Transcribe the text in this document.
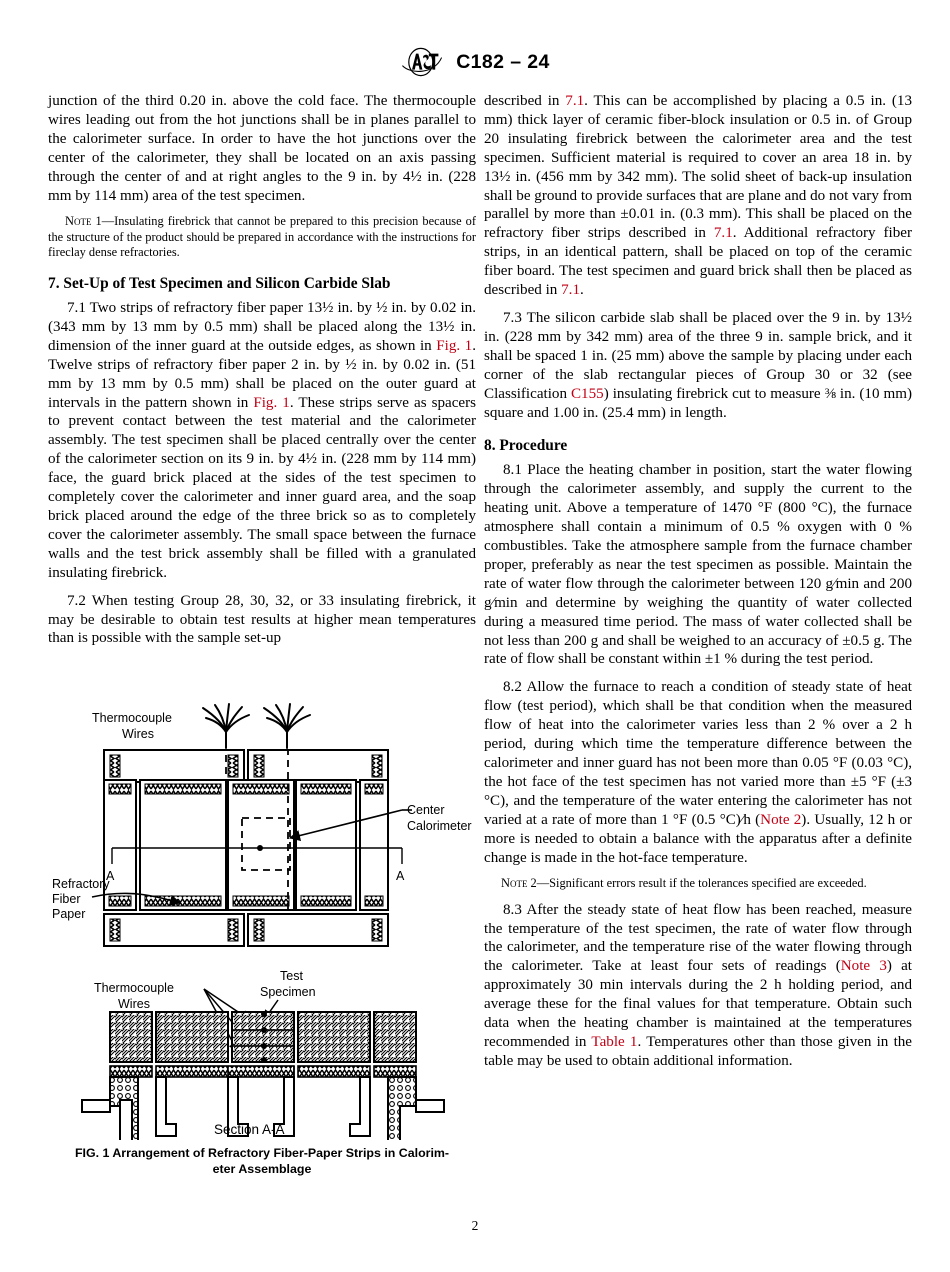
C182 – 24

junction of the third 0.20 in. above the cold face. The thermocouple wires leading out from the hot junctions shall be in planes parallel to the calorimeter surface. In order to have the hot junctions over the center of the calorimeter, they shall be located on an axis passing through the center of and at right angles to the 9 in. by 4½ in. (228 mm by 114 mm) area of the test specimen.

Note 1—Insulating firebrick that cannot be prepared to this precision because of the structure of the product should be prepared in accordance with the instructions for fireclay dense refractories.

7. Set-Up of Test Specimen and Silicon Carbide Slab

7.1 Two strips of refractory fiber paper 13½ in. by ½ in. by 0.02 in. (343 mm by 13 mm by 0.5 mm) shall be placed along the 13½ in. dimension of the inner guard at the outside edges, as shown in Fig. 1. Twelve strips of refractory fiber paper 2 in. by ½ in. by 0.02 in. (51 mm by 13 mm by 0.5 mm) shall be placed on the outer guard at intervals in the pattern shown in Fig. 1. These strips serve as spacers to prevent contact between the test material and the calorimeter assembly. The test specimen shall be placed centrally over the center of the calorimeter section on its 9 in. by 4½ in. (228 mm by 114 mm) face, the guard brick placed at the sides of the test specimen to completely cover the calorimeter and inner guard area, and the soap brick placed around the edge of the three brick so as to completely cover the calorimeter assembly. The small space between the furnace walls and the test brick assembly shall be filled with a granulated insulating firebrick.

7.2 When testing Group 28, 30, 32, or 33 insulating firebrick, it may be desirable to obtain test results at higher mean temperatures than is possible with the sample set-up

described in 7.1. This can be accomplished by placing a 0.5 in. (13 mm) thick layer of ceramic fiber-block insulation or 0.5 in. of Group 20 insulating firebrick between the calorimeter area and the test specimen. Sufficient material is required to cover an area 18 in. by 13½ in. (456 mm by 342 mm). The solid sheet of back-up insulation shall be ground to provide surfaces that are plane and do not vary from parallel by more than ±0.01 in. (0.3 mm). This shall be placed on the refractory fiber strips described in 7.1. Additional refractory fiber strips, in an identical pattern, shall be placed on top of the ceramic fiber board. The test specimen and guard brick shall then be placed as described in 7.1.

7.3 The silicon carbide slab shall be placed over the 9 in. by 13½ in. (228 mm by 342 mm) area of the three 9 in. sample brick, and it shall be spaced 1 in. (25 mm) above the sample by placing under each corner of the slab rectangular pieces of Group 30 or 32 (see Classification C155) insulating firebrick cut to measure ⅜ in. (10 mm) square and 1.00 in. (25.4 mm) in length.

8. Procedure

8.1 Place the heating chamber in position, start the water flowing through the calorimeter assembly, and supply the current to the heating unit. Above a temperature of 1470 °F (800 °C), the furnace atmosphere shall contain a minimum of 0.5 % oxygen with 0 % combustibles. Take the atmosphere sample from the furnace chamber proper, preferably as near the test specimen as possible. Maintain the rate of water flow through the calorimeter between 120 g∕min and 200 g∕min and determine by weighing the quantity of water collected during a measured time period. The mass of water collected shall be not less than 200 g and shall be weighed to an accuracy of ±0.5 g. The rate of flow shall be constant within ±1 % during the test period.

8.2 Allow the furnace to reach a condition of steady state of heat flow (test period), which shall be that condition when the measured flow of heat into the calorimeter varies less than 2 % over a 2 h period, during which time the temperature difference between the calorimeter and inner guard has not been more than 0.05 °F (0.03 °C), the hot face of the test specimen has not varied more than ±5 °F (±3 °C), and the temperature of the water entering the calorimeter has not varied at a rate of more than 1 °F (0.5 °C)∕h (Note 2). Usually, 12 h or more is needed to obtain a balance with the apparatus after a definite change is made in the hot-face temperature.

Note 2—Significant errors result if the tolerances specified are exceeded.

8.3 After the steady state of heat flow has been reached, measure the temperature of the test specimen, the rate of water flow through the calorimeter, and the temperature rise of the water flowing through the calorimeter. Take at least four sets of readings (Note 3) at approximately 30 min intervals during the 2 h holding period, and average these for the final values for that temperature. Obtain such data when the heating chamber is maintained at the temperatures recommended in Table 1. Temperatures other than those given in the table may be used to obtain additional information.

Thermocouple
Wires
Center
Calorimeter
A	A
Refractory
Fiber
Paper
Thermocouple
Wires
Test
Specimen
Section A-A
FIG. 1 Arrangement of Refractory Fiber-Paper Strips in Calorim-
eter Assemblage
2
